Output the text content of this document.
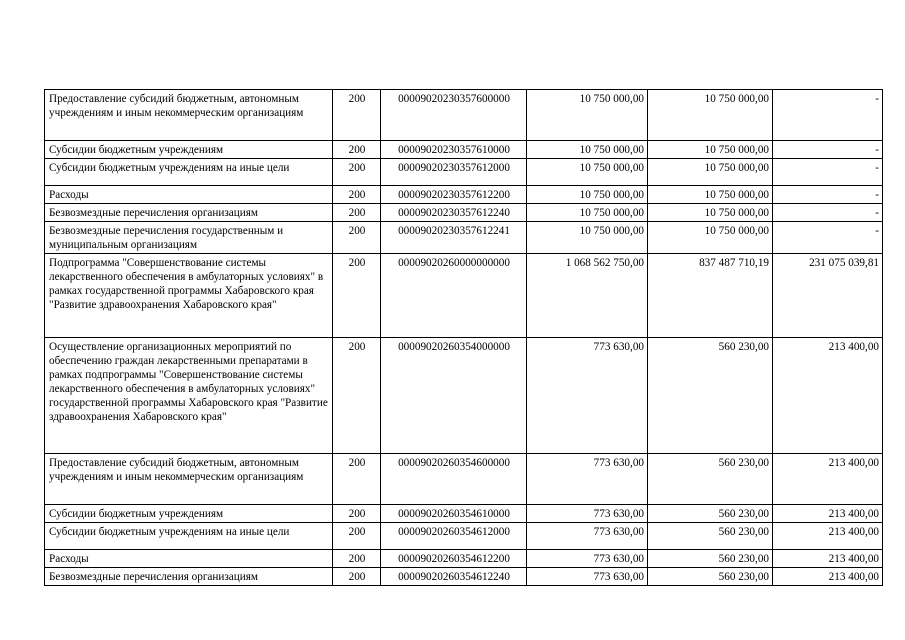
Предоставление субсидий бюджетным, автономным учреждениям и иным некоммерческим организациям	200	00009020230357600000	10 750 000,00	10 750 000,00	-
Субсидии бюджетным учреждениям	200	00009020230357610000	10 750 000,00	10 750 000,00	-
Субсидии бюджетным учреждениям на иные цели	200	00009020230357612000	10 750 000,00	10 750 000,00	-
Расходы	200	00009020230357612200	10 750 000,00	10 750 000,00	-
Безвозмездные перечисления организациям	200	00009020230357612240	10 750 000,00	10 750 000,00	-
Безвозмездные перечисления государственным и муниципальным организациям	200	00009020230357612241	10 750 000,00	10 750 000,00	-
Подпрограмма "Совершенствование системы лекарственного обеспечения в амбулаторных условиях" в рамках государственной программы Хабаровского края "Развитие здравоохранения Хабаровского края"	200	00009020260000000000	1 068 562 750,00	837 487 710,19	231 075 039,81
Осуществление организационных мероприятий по обеспечению граждан лекарственными препаратами в рамках подпрограммы "Совершенствование системы лекарственного обеспечения в амбулаторных условиях" государственной программы Хабаровского края "Развитие здравоохранения Хабаровского края"	200	00009020260354000000	773 630,00	560 230,00	213 400,00
Предоставление субсидий бюджетным, автономным учреждениям и иным некоммерческим организациям	200	00009020260354600000	773 630,00	560 230,00	213 400,00
Субсидии бюджетным учреждениям	200	00009020260354610000	773 630,00	560 230,00	213 400,00
Субсидии бюджетным учреждениям на иные цели	200	00009020260354612000	773 630,00	560 230,00	213 400,00
Расходы	200	00009020260354612200	773 630,00	560 230,00	213 400,00
Безвозмездные перечисления организациям	200	00009020260354612240	773 630,00	560 230,00	213 400,00
